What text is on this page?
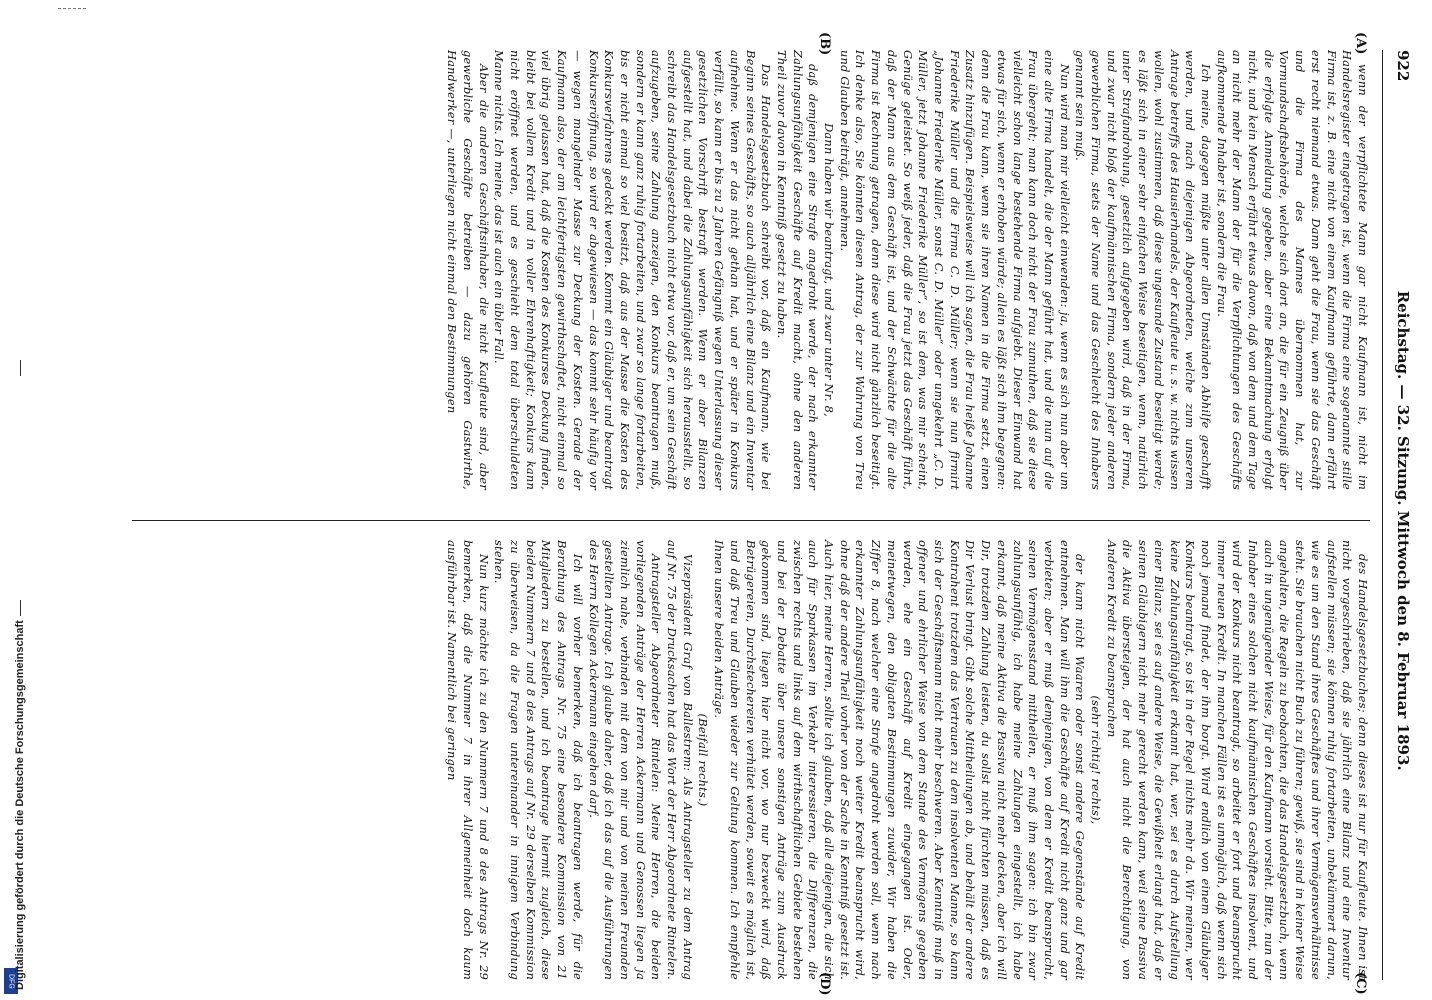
DFG Digitalisierung gefördert durch die Deutsche Forschungsgemeinschaft
922
Reichstag. — 32. Sitzung. Mittwoch den 8. Februar 1893.
(A)
(B)
(C)
(D)

wenn der verpflichtete Mann gar nicht Kaufmann ist, nicht im Handelsregister eingetragen ist, wenn die Firma eine sogenannte stille Firma ist, z. B. eine nicht von einem Kaufmann geführte, dann erfährt erst recht niemand etwas. Dann geht die Frau, wenn sie das Geschäft und die Firma des Mannes übernommen hat, zur Vormundschaftsbehörde, welche sich dort an, die für ein Zeugniß über die erfolgte Anmeldung gegeben, aber eine Bekanntmachung erfolgt nicht, und kein Mensch erfährt etwas davon, daß von dem und dem Tage an nicht mehr der Mann der für die Verpflichtungen des Geschäfts aufkommende Inhaber ist, sondern die Frau.

Ich meine, dagegen müßte unter allen Umständen Abhilfe geschafft werden, und nach diejenigen Abgeordneten, welche zum unserem Antrage betreffs des Hausierhandels, der Kaufleute u. s. w. nichts wissen wollen, wohl zustimmen, daß diese ungesunde Zustand beseitigt werde; es läßt sich in einer sehr einfachen Weise beseitigen, wenn, natürlich unter Strafandrohung, gesetzlich aufgegeben wird, daß in der Firma, und zwar nicht bloß der kaufmännischen Firma, sondern jeder anderen gewerblichen Firma, stets der Name und das Geschlecht des Inhabers genannt sein muß.

Nun wird man mir vielleicht einwenden: ja, wenn es sich nun aber um eine alte Firma handelt, die der Mann geführt hat, und die nun auf die Frau übergeht; man kann doch nicht der Frau zumuthen, daß sie diese vielleicht schon lange bestehende Firma aufgiebt. Dieser Einwand hat etwas für sich, wenn er erhoben würde; allein es läßt sich ihm begegnen: denn die Frau kann, wenn sie ihren Namen in die Firma setzt, einen Zusatz hinzufügen. Beispielsweise will ich sagen, die Frau heiße Johanne Friederike Müller und die Firma C. D. Müller; wenn sie nun firmirt „Johanne Friederike Müller, sonst C. D. Müller“ oder umgekehrt „C. D. Müller, jetzt Johanne Friederike Müller“, so ist dem, was mir scheint, Genüge geleistet. So weiß jeder, daß die Frau jetzt das Geschäft führt, daß der Mann aus dem Geschäft ist, und der Schwächte für die alte Firma ist Rechnung getragen, denn diese wird nicht gänzlich beseitigt. Ich denke also, Sie könnten diesen Antrag, der zur Wahrung von Treu und Glauben beiträgt, annehmen.

Dann haben wir beantragt, und zwar unter Nr. 8,

daß demjenigen eine Strafe angedroht werde, der nach erkannter Zahlungsunfähigkeit Geschäfte auf Kredit macht, ohne den anderen Theil zuvor davon in Kenntniß gesetzt zu haben.

Das Handelsgesetzbuch schreibt vor, daß ein Kaufmann, wie bei Beginn seines Geschäfts, so auch alljährlich eine Bilanz und ein Inventar aufnehme. Wenn er das nicht gethan hat, und er später in Konkurs verfällt, so kann er bis zu 2 Jahren Gefängniß wegen Unterlassung dieser gesetzlichen Vorschrift bestraft werden. Wenn er aber Bilanzen aufgestellt hat, und dabei die Zahlungsunfähigkeit sich herausstellt, so schreibt das Handelsgesetzbuch nicht etwa vor, daß er, um sein Geschäft aufzugeben, seine Zahlung anzeigen, den Konkurs beantragen muß, sondern er kann ganz ruhig fortarbeiten, und zwar so lange fortarbeiten, bis er nicht einmal so viel besitzt, daß aus der Masse die Kosten des Konkursverfahrens gedeckt werden. Kommt ein Gläubiger und beantragt Konkurseröffnung, so wird er abgewiesen — das kommt sehr häufig vor — wegen mangelnder Masse zur Deckung der Kosten. Gerade der Kaufmann also, der am leichtfertigsten gewirthschaftet, nicht einmal so viel übrig gelassen hat, daß die Kosten des Konkurses Deckung finden, bleibt bei vollem Kredit und in voller Ehrenhaftigkeit; Konkurs kann nicht eröffnet werden, und es geschieht dem total überschuldeten Manne nichts. Ich meine, das ist auch ein übler Fall.

Aber die anderen Geschäftsinhaber, die nicht Kaufleute sind, aber gewerbliche Geschäfte betreiben — dazu gehören Gastwirthe, Handwerker —, unterliegen nicht einmal den Bestimmungen

des Handelsgesetzbuches; denn dieses ist nur für Kaufleute. Ihnen ist nicht vorgeschrieben, daß sie jährlich eine Bilanz und eine Inventur aufstellen müssen; sie können ruhig fortarbeiten, unbekümmert darum, wie es um den Stand ihres Geschäftes und ihrer Vermögensverhältnisse steht. Sie brauchen nicht Buch zu führen; gewiß, sie sind in keiner Weise angehalten, die Regeln zu beobachten, die das Handelsgesetzbuch, wenn auch in ungenügender Weise, für den Kaufmann vorsieht. Bitte, nun der Inhaber eines solchen nicht kaufmännischen Geschäftes insolvent, und wird der Konkurs nicht beantragt, so arbeitet er fort und beansprucht immer neuen Kredit. In manchen Fällen ist es unmöglich, daß wenn sich noch jemand findet, der ihm borgt. Wird endlich von einem Gläubiger Konkurs beantragt, so ist in der Regel nichts mehr da. Wir meinen, wer keine Zahlungsunfähigkeit erkannt hat, wer, sei es durch Aufstellung einer Bilanz, sei es auf andere Weise, die Gewißheit erlangt hat, daß er seinen Gläubigern nicht mehr gerecht werden kann, weil seine Passiva die Aktiva übersteigen, der hat auch nicht die Berechtigung, von Anderen Kredit zu beanspruchen

(sehr richtig! rechts),

der kann nicht Waaren oder sonst andere Gegenstände auf Kredit entnehmen. Man will ihm die Geschäfte auf Kredit nicht ganz und gar verbieten; aber er muß demjenigen, von dem er Kredit beansprucht, seinen Vermögensstand mittheilen, er muß ihm sagen: ich bin zwar zahlungsunfähig, ich habe meine Zahlungen eingestellt, ich habe erkannt, daß meine Aktiva die Passiva nicht mehr decken, aber ich will Dir, trotzdem Zahlung leisten, du sollst nicht fürchten müssen, daß es Dir Verlust bringt. Gibt solche Mittheilungen ab, und behält der andere Kontrahent trotzdem das Vertrauen zu dem insolventen Manne, so kann sich der Geschäftsmann nicht mehr beschweren. Aber Kenntniß muß in offener und ehrlicher Weise von dem Stande des Vermögens gegeben werden, ehe ein Geschäft auf Kredit eingegangen ist. Oder, meinetwegen, den obligaten Bestimmungen zuwider, Wir haben die Ziffer 8, nach welcher eine Strafe angedroht werden soll, wenn nach erkannter Zahlungsunfähigkeit noch weiter Kredit beansprucht wird, ohne daß der andere Theil vorher von der Sache in Kenntniß gesetzt ist. Auch hier, meine Herren, sollte ich glauben, daß alle diejenigen, die sich auch für Sparkassen im Verkehr interessieren, die Differenzen, die zwischen rechts und links auf dem wirthschaftlichen Gebiete bestehen und bei der Debatte über unsere sonstigen Anträge zum Ausdruck gekommen sind, liegen hier nicht vor, wo nur bezweckt wird, daß Betrügereien, Durchstechereien verhütet werden, soweit es möglich ist, und daß Treu und Glauben wieder zur Geltung kommen. Ich empfehle Ihnen unsere beiden Anträge.

(Beifall rechts.)

Vizepräsident Graf von Ballestrem: Als Antragsteller zu dem Antrag auf Nr. 75 der Drucksachen hat das Wort der Herr Abgeordnete Rintelen.

Antragsteller Abgeordneter Rintelen: Meine Herren, die beiden vorliegenden Anträge der Herren Ackermann und Genossen liegen ja ziemlich nahe, verbinden mit dem von mir und von meinen Freunden gestellten Antrage. Ich glaube daher, daß ich das auf die Ausführungen des Herrn Kollegen Ackermann eingehen darf.

Ich will vorher bemerken, daß ich beantragen werde, für die Berathung des Antrags Nr. 75 eine besondere Kommission von 21 Mitgliedern zu bestellen, und ich beantrage hiermit zugleich, diese beiden Nummern 7 und 8 des Antrags auf Nr. 29 derselben Kommission zu überweisen, da die Fragen untereinander in innigem Verbindung stehen.

Nun kurz möchte ich zu den Nummern 7 und 8 des Antrags Nr. 29 bemerken, daß die Nummer 7 in ihrer Allgemeinheit doch kaum ausführbar ist. Namentlich bei geringen
